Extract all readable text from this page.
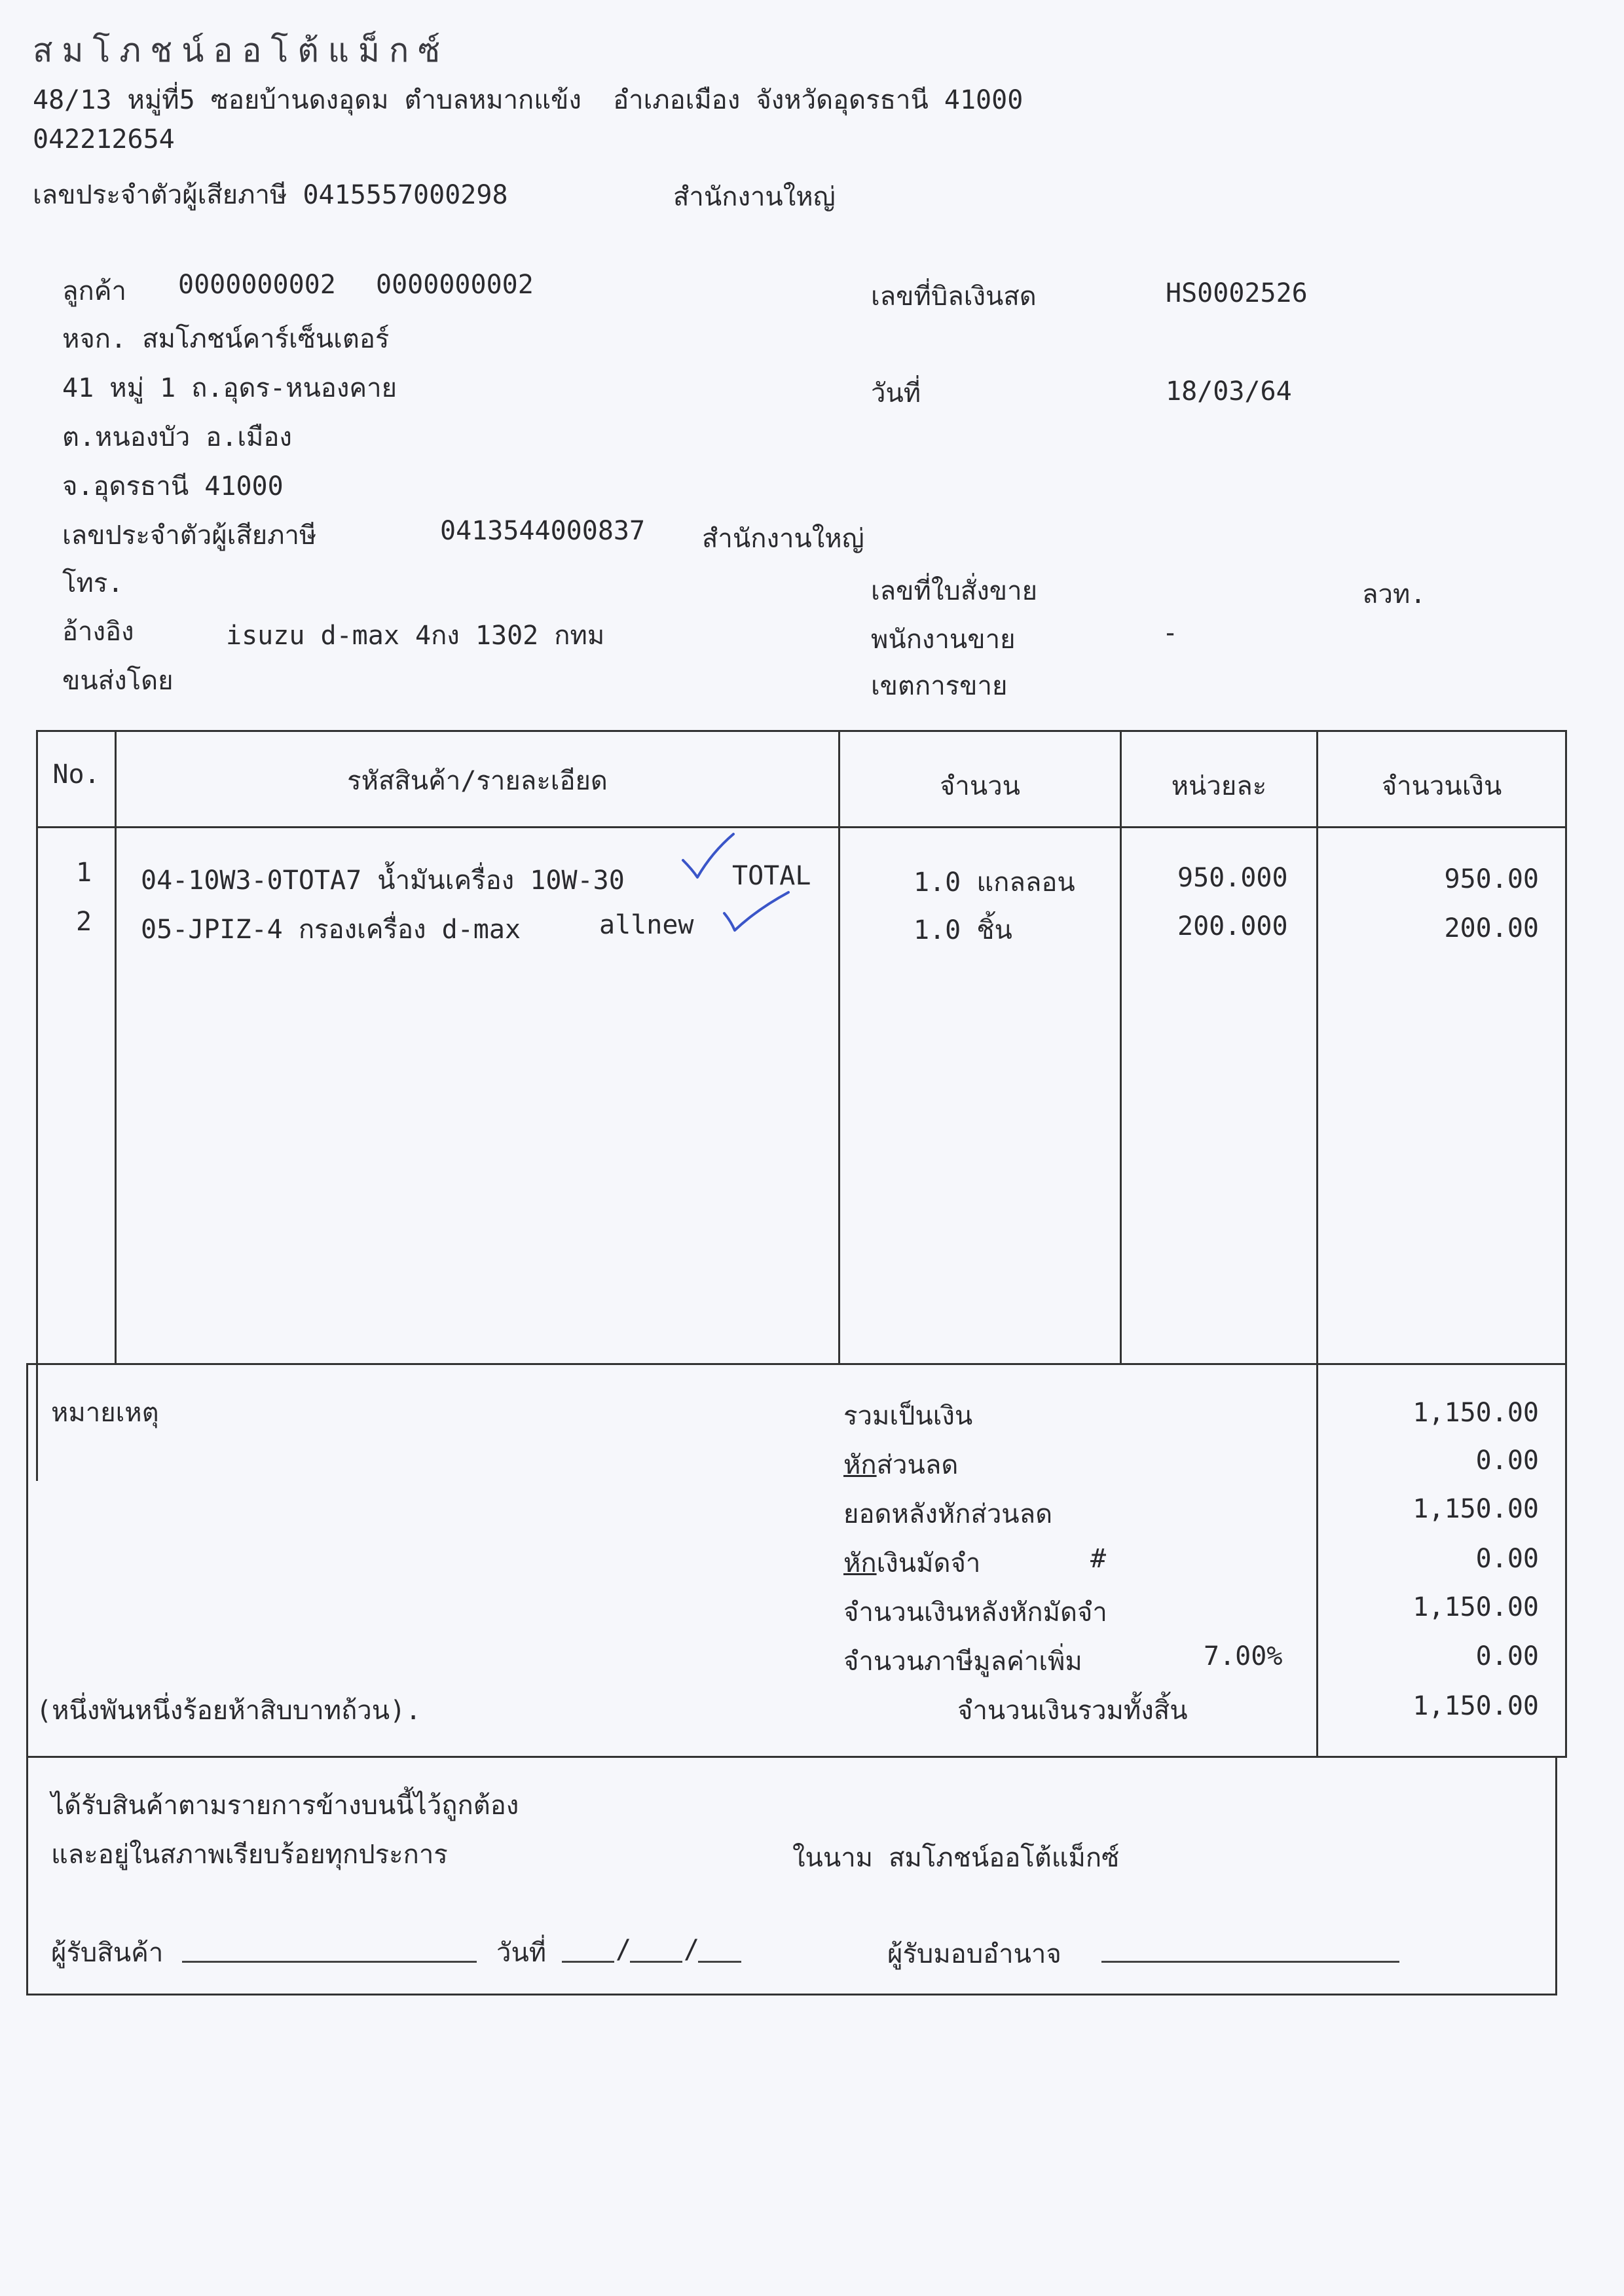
สมโภชน์ออโต้แม็กซ์
48/13 หมู่ที่5 ซอยบ้านดงอุดม ตำบลหมากแข้ง  อำเภอเมือง จังหวัดอุดรธานี 41000
042212654
เลขประจำตัวผู้เสียภาษี 0415557000298	สำนักงานใหญ่
ลูกค้า 0000000002 0000000002
หจก. สมโภชน์คาร์เซ็นเตอร์
41 หมู่ 1 ถ.อุดร-หนองคาย
ต.หนองบัว อ.เมือง
จ.อุดรธานี 41000
เลขประจำตัวผู้เสียภาษี	0413544000837 สำนักงานใหญ่
โทร.
อ้างอิง	isuzu d-max 4กง 1302 กทม
ขนส่งโดย
เลขที่บิลเงินสด	HS0002526
วันที่	18/03/64
เลขที่ใบสั่งขาย	ลวท.
พนักงานขาย	-
เขตการขาย
No.	รหัสสินค้า/รายละเอียด	จำนวน	หน่วยละ	จำนวนเงิน
1	04-10W3-0TOTA7 น้ำมันเครื่อง 10W-30	TOTAL	1.0 แกลลอน	950.000	950.00
2	05-JPIZ-4 กรองเครื่อง d-max	allnew	1.0 ชิ้น	200.000	200.00
หมายเหตุ	รวมเป็นเงิน	1,150.00
หักส่วนลด	0.00
ยอดหลังหักส่วนลด	1,150.00
หักเงินมัดจำ	#	0.00
จำนวนเงินหลังหักมัดจำ	1,150.00
จำนวนภาษีมูลค่าเพิ่ม	7.00%	0.00
(หนึ่งพันหนึ่งร้อยห้าสิบบาทถ้วน).	จำนวนเงินรวมทั้งสิ้น	1,150.00
ได้รับสินค้าตามรายการข้างบนนี้ไว้ถูกต้อง
และอยู่ในสภาพเรียบร้อยทุกประการ	ในนาม สมโภชน์ออโต้แม็กซ์
ผู้รับสินค้า	วันที่	/ /	ผู้รับมอบอำนาจ
